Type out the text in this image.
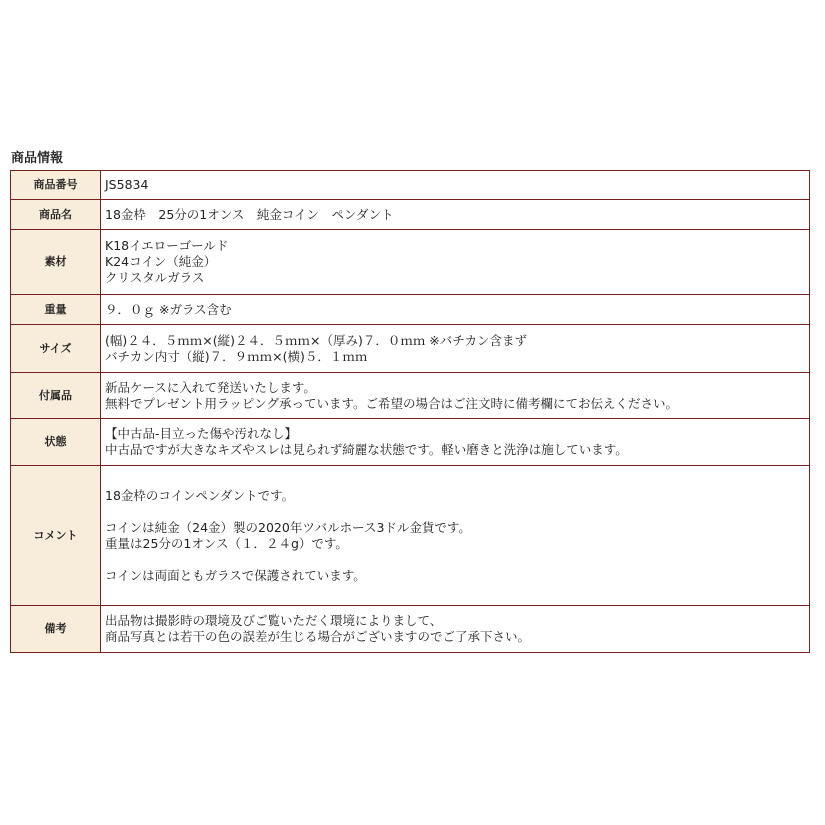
商品情報
商品番号	JS5834

商品名	18金枠　25分の1オンス　純金コイン　ペンダント

素材	K18イエローゴールド
K24コイン（純金）
クリスタルガラス

重量	９．０ｇ ※ガラス含む

サイズ	(幅)２４．５ｍｍ×(縦)２４．５ｍｍ×（厚み)７．０ｍｍ ※バチカン含まず
バチカン内寸（縦)７．９ｍｍ×(横)５．１ｍｍ

付属品	新品ケースに入れて発送いたします。
無料でプレゼント用ラッピング承っています。ご希望の場合はご注文時に備考欄にてお伝えください。

状態	【中古品-目立った傷や汚れなし】
中古品ですが大きなキズやスレは見られず綺麗な状態です。軽い磨きと洗浄は施しています。

コメント	18金枠のコインペンダントです。
コインは純金（24金）製の2020年ツバルホース3ドル金貨です。
重量は25分の1オンス（１．２４g）です。
コインは両面ともガラスで保護されています。

備考	出品物は撮影時の環境及びご覧いただく環境によりまして、
商品写真とは若干の色の誤差が生じる場合がございますのでご了承下さい。
